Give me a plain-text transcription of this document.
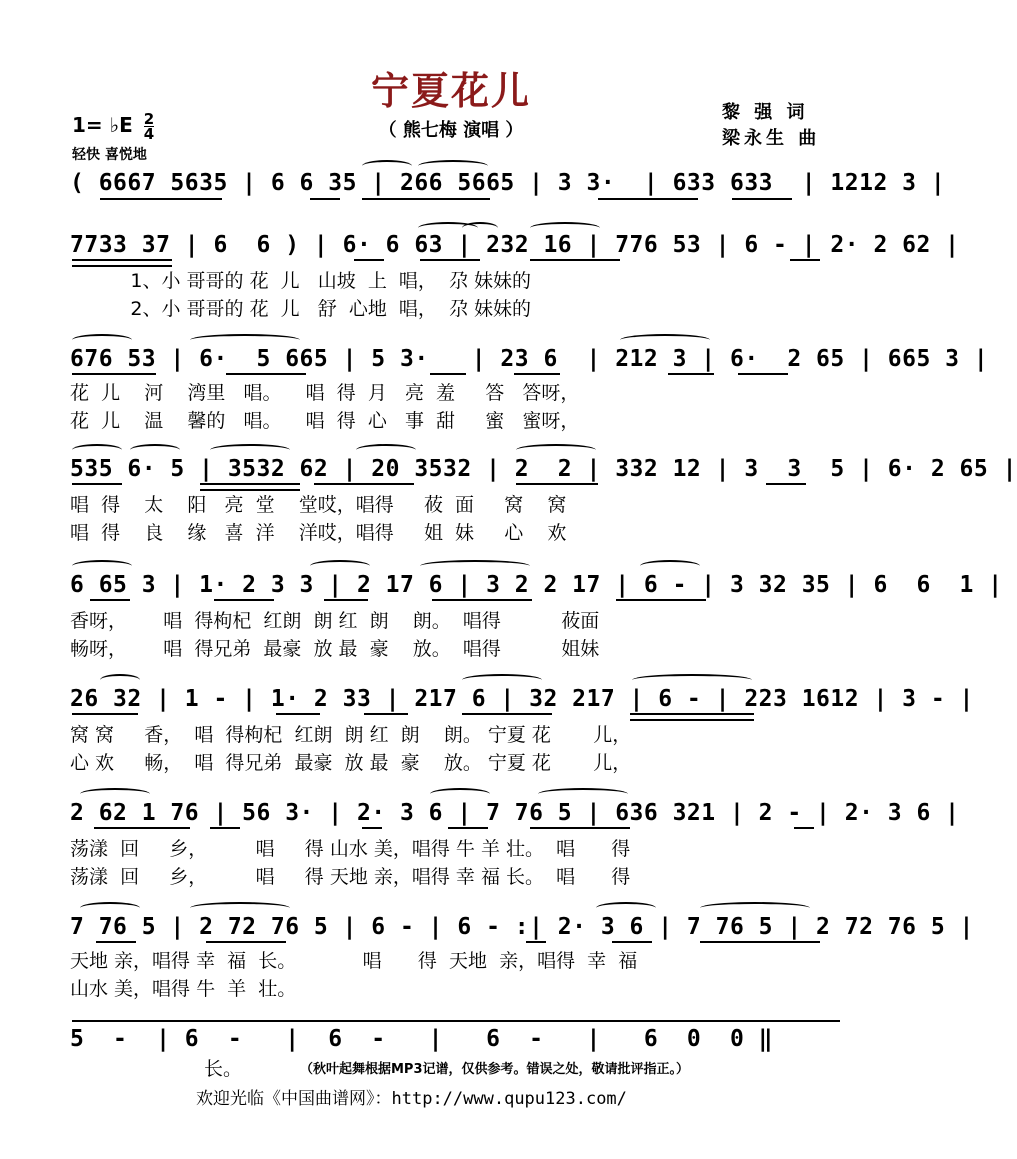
宁夏花儿
（ 熊七梅 演唱 ）
黎 强 词
梁永生 曲
1= ♭E $\frac{2}{4}$
轻快 喜悦地
( 6667 5635 | 6 6 35 | 266 5665 | 3 3·  | 633 633  | 1212 3 |
7733 37 | 6  6 ) | 6· 6 63 | 232 16 | 776 53 | 6 - | 2· 2 62 |
1、小 哥哥的 花  儿   山坡  上  唱，  尕 妹妹的
2、小 哥哥的 花  儿   舒  心地  唱，  尕 妹妹的
676 53 | 6·  5 665 | 5 3·   | 23 6  | 212 3 | 6·  2 65 | 665 3 |
花  儿    河    湾里   唱。    唱  得  月   亮  羞     答   答呀，
花  儿    温    馨的   唱。    唱  得  心   事  甜     蜜   蜜呀，
535 6· 5 | 3532 62 | 20 3532 | 2  2 | 332 12 | 3  3  5 | 6· 2 65 |
唱  得    太    阳   亮  堂    堂哎，唱得     莜  面     窝    窝
唱  得    良    缘   喜  洋    洋哎，唱得     姐  妹     心    欢
6 65 3 | 1· 2 3 3 | 2 17 6 | 3 2 2 17 | 6 - | 3 32 35 | 6  6  1 |
香呀，      唱  得枸杞  红朗  朗 红  朗    朗。  唱得          莜面
畅呀，      唱  得兄弟  最豪  放 最  豪    放。  唱得          姐妹
26 32 | 1 - | 1· 2 33 | 217 6 | 32 217 | 6 - | 223 1612 | 3 - |
窝 窝     香，  唱  得枸杞  红朗  朗 红  朗    朗。 宁夏 花       儿，
心 欢     畅，  唱  得兄弟  最豪  放 最  豪    放。 宁夏 花       儿，
2 62 1 76 | 56 3· | 2· 3 6 | 7 76 5 | 636 321 | 2 - | 2· 3 6 |
荡漾  回     乡，        唱     得 山水 美，唱得 牛 羊 壮。  唱      得
荡漾  回     乡，        唱     得 天地 亲，唱得 幸 福 长。  唱      得
7 76 5 | 2 72 76 5 | 6 - | 6 - :| 2· 3 6 | 7 76 5 | 2 72 76 5 |
天地 亲，唱得 幸  福  长。           唱      得  天地  亲，唱得  幸  福
山水 美，唱得 牛  羊  壮。
5  -  | 6  -   |  6  -   |   6  -   |   6  0  0 ‖
长。	（秋叶起舞根据MP3记谱，仅供参考。错误之处，敬请批评指正。）
欢迎光临《中国曲谱网》：http://www.qupu123.com/
